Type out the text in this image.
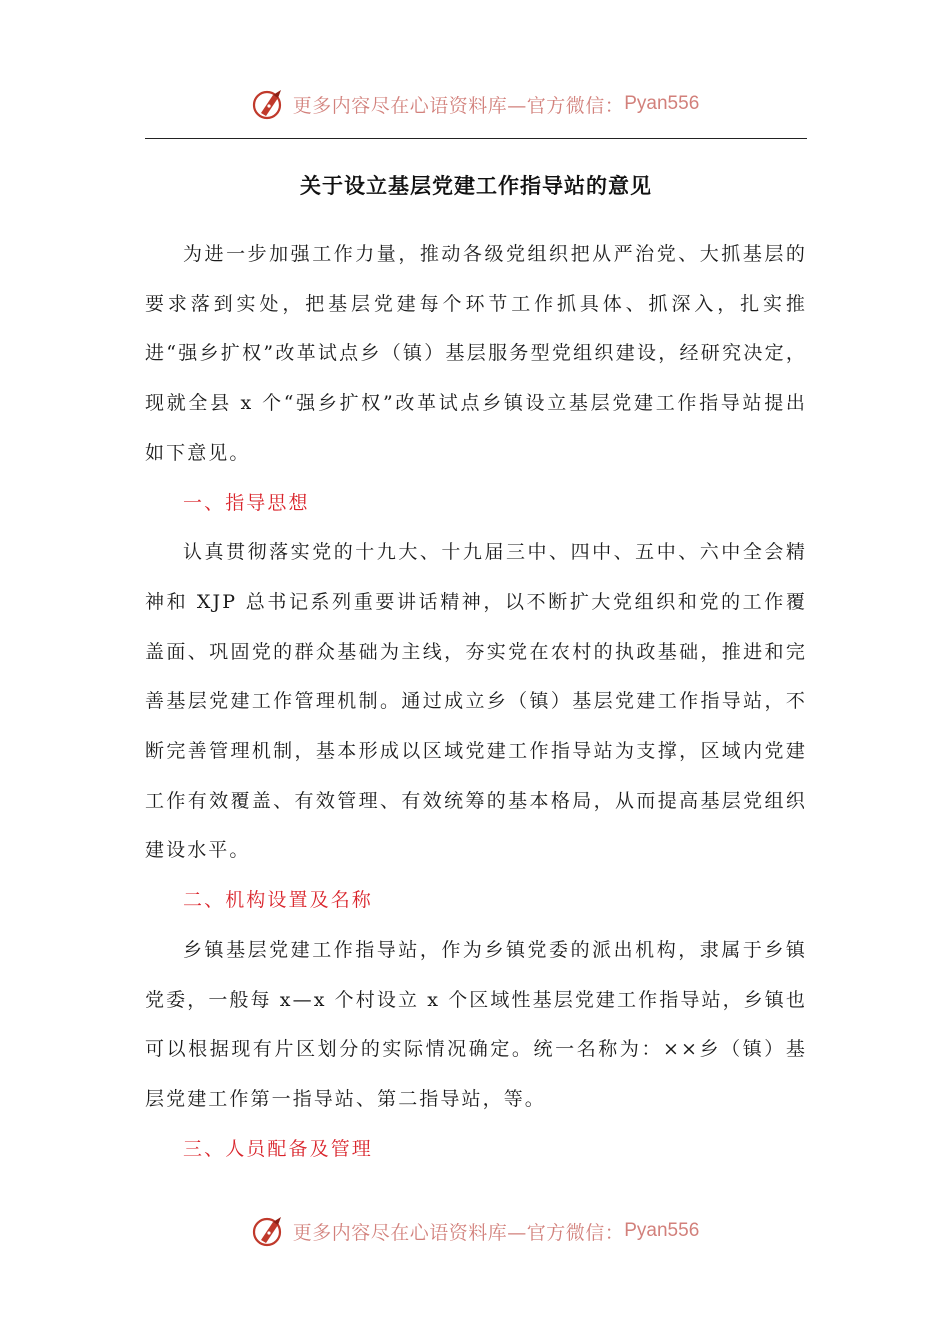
更多内容尽在心语资料库—官方微信： Pyan556
关于设立基层党建工作指导站的意见

为进一步加强工作力量，推动各级党组织把从严治党、大抓基层的要求落到实处，把基层党建每个环节工作抓具体、抓深入，扎实推进“强乡扩权”改革试点乡（镇）基层服务型党组织建设，经研究决定，现就全县 x 个“强乡扩权”改革试点乡镇设立基层党建工作指导站提出如下意见。

一、指导思想

认真贯彻落实党的十九大、十九届三中、四中、五中、六中全会精神和 XJP 总书记系列重要讲话精神，以不断扩大党组织和党的工作覆盖面、巩固党的群众基础为主线，夯实党在农村的执政基础，推进和完善基层党建工作管理机制。通过成立乡（镇）基层党建工作指导站，不断完善管理机制，基本形成以区域党建工作指导站为支撑，区域内党建工作有效覆盖、有效管理、有效统筹的基本格局，从而提高基层党组织建设水平。

二、机构设置及名称

乡镇基层党建工作指导站，作为乡镇党委的派出机构，隶属于乡镇党委，一般每 x—x 个村设立 x 个区域性基层党建工作指导站，乡镇也可以根据现有片区划分的实际情况确定。统一名称为：××乡（镇）基层党建工作第一指导站、第二指导站，等。

三、人员配备及管理

更多内容尽在心语资料库—官方微信： Pyan556
